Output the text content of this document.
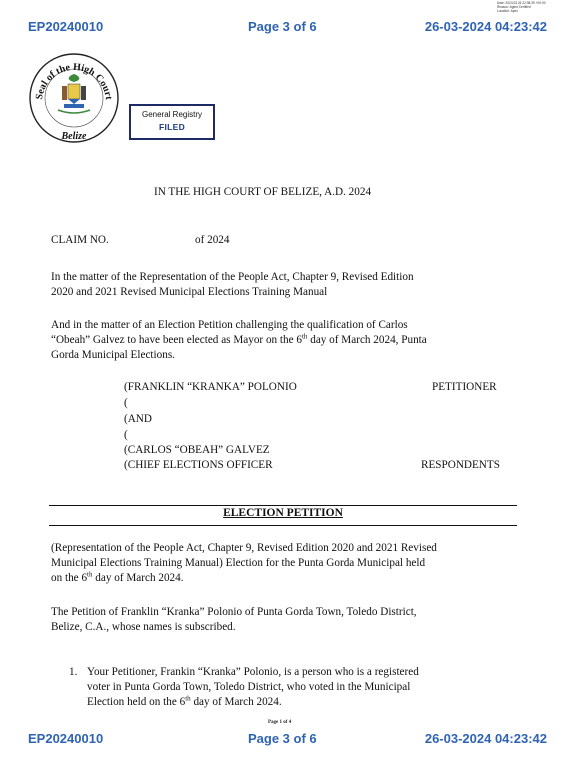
EP20240010	Page 3 of 6	26-03-2024 04:23:42
Date: 2024.03.26 22:38:39 +00:00
Reason: Agent Certified
Location: Apex
Seal of the High Court
Belize
General Registry
FILED
IN THE HIGH COURT OF BELIZE, A.D. 2024
CLAIM NO.	of 2024
In the matter of the Representation of the People Act, Chapter 9, Revised Edition
2020 and 2021 Revised Municipal Elections Training Manual
And in the matter of an Election Petition challenging the qualification of Carlos
“Obeah” Galvez to have been elected as Mayor on the 6th day of March 2024, Punta
Gorda Municipal Elections.
(FRANKLIN “KRANKA” POLONIO	PETITIONER
(
(AND
(
(CARLOS “OBEAH” GALVEZ
(CHIEF ELECTIONS OFFICER	RESPONDENTS
ELECTION PETITION
(Representation of the People Act, Chapter 9, Revised Edition 2020 and 2021 Revised
Municipal Elections Training Manual) Election for the Punta Gorda Municipal held
on the 6th day of March 2024.
The Petition of Franklin “Kranka” Polonio of Punta Gorda Town, Toledo District,
Belize, C.A., whose names is subscribed.
1. Your Petitioner, Frankin “Kranka” Polonio, is a person who is a registered
voter in Punta Gorda Town, Toledo District, who voted in the Municipal
Election held on the 6th day of March 2024.
Page 1 of 4
EP20240010	Page 3 of 6	26-03-2024 04:23:42
